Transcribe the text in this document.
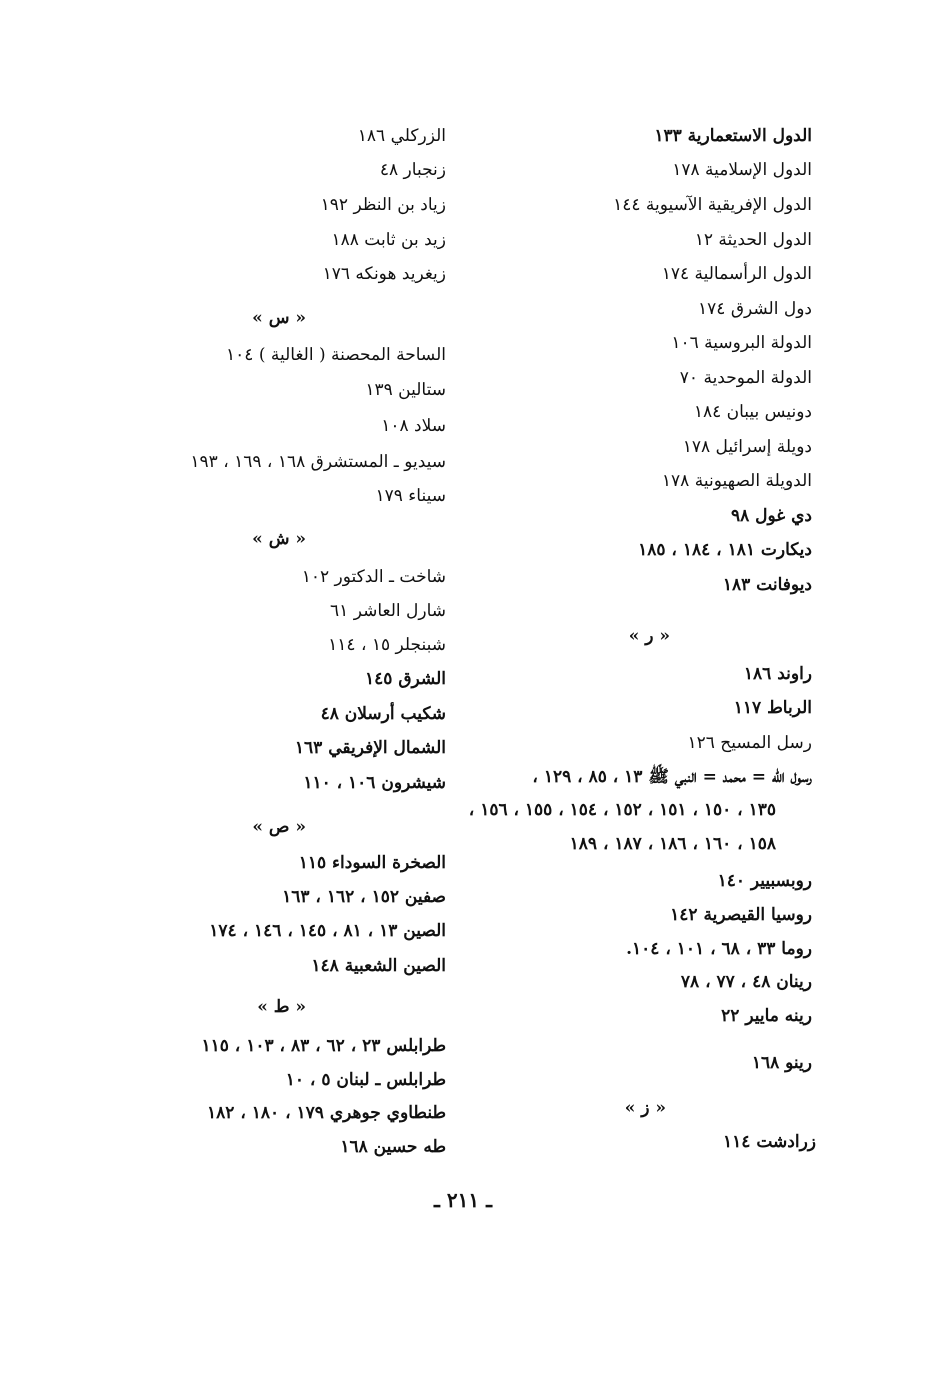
الدول الاستعمارية ١٣٣
الدول الإسلامية ١٧٨
الدول الإفريقية الآسيوية ١٤٤
الدول الحديثة ١٢
الدول الرأسمالية ١٧٤
دول الشرق ١٧٤
الدولة البروسية ١٠٦
الدولة الموحدية ٧٠
دونيس بيبان ١٨٤
دويلة إسرائيل ١٧٨
الدويلة الصهيونية ١٧٨
دي غول ٩٨
ديكارت ١٨١ ، ١٨٤ ، ١٨٥
ديوفانت ١٨٣
« ر »
راوند ١٨٦
الرباط ١١٧
رسل المسيح ١٢٦
رسول الله = محمد = النبي ﷺ ١٣ ، ٨٥ ، ١٢٩ ،
١٣٥ ، ١٥٠ ، ١٥١ ، ١٥٢ ، ١٥٤ ، ١٥٥ ، ١٥٦ ،
١٥٨ ، ١٦٠ ، ١٨٦ ، ١٨٧ ، ١٨٩
روبسبيير ١٤٠
روسيا القيصرية ١٤٢
روما ٣٣ ، ٦٨ ، ١٠١ ، ١٠٤.
رينان ٤٨ ، ٧٧ ، ٧٨
رينه مايير ٢٢
رينو ١٦٨
« ز »
زرادشت ١١٤
الزركلي ١٨٦
زنجبار ٤٨
زياد بن النظر ١٩٢
زيد بن ثابت ١٨٨
زيغريد هونكه ١٧٦
« س »
الساحة المحصنة ( الغالية ) ١٠٤
ستالين ١٣٩
سلاد ١٠٨
سيديو ـ المستشرق ١٦٨ ، ١٦٩ ، ١٩٣
سيناء ١٧٩
« ش »
شاخت ـ الدكتور ١٠٢
شارل العاشر ٦١
شبنجلر ١٥ ، ١١٤
الشرق ١٤٥
شكيب أرسلان ٤٨
الشمال الإفريقي ١٦٣
شيشرون ١٠٦ ، ١١٠
« ص »
الصخرة السوداء ١١٥
صفين ١٥٢ ، ١٦٢ ، ١٦٣
الصين ١٣ ، ٨١ ، ١٤٥ ، ١٤٦ ، ١٧٤
الصين الشعبية ١٤٨
« ط »
طرابلس ٢٣ ، ٦٢ ، ٨٣ ، ١٠٣ ، ١١٥
طرابلس ـ لبنان ٥ ، ١٠
طنطاوي جوهري ١٧٩ ، ١٨٠ ، ١٨٢
طه حسين ١٦٨
ـ ٢١١ ـ
